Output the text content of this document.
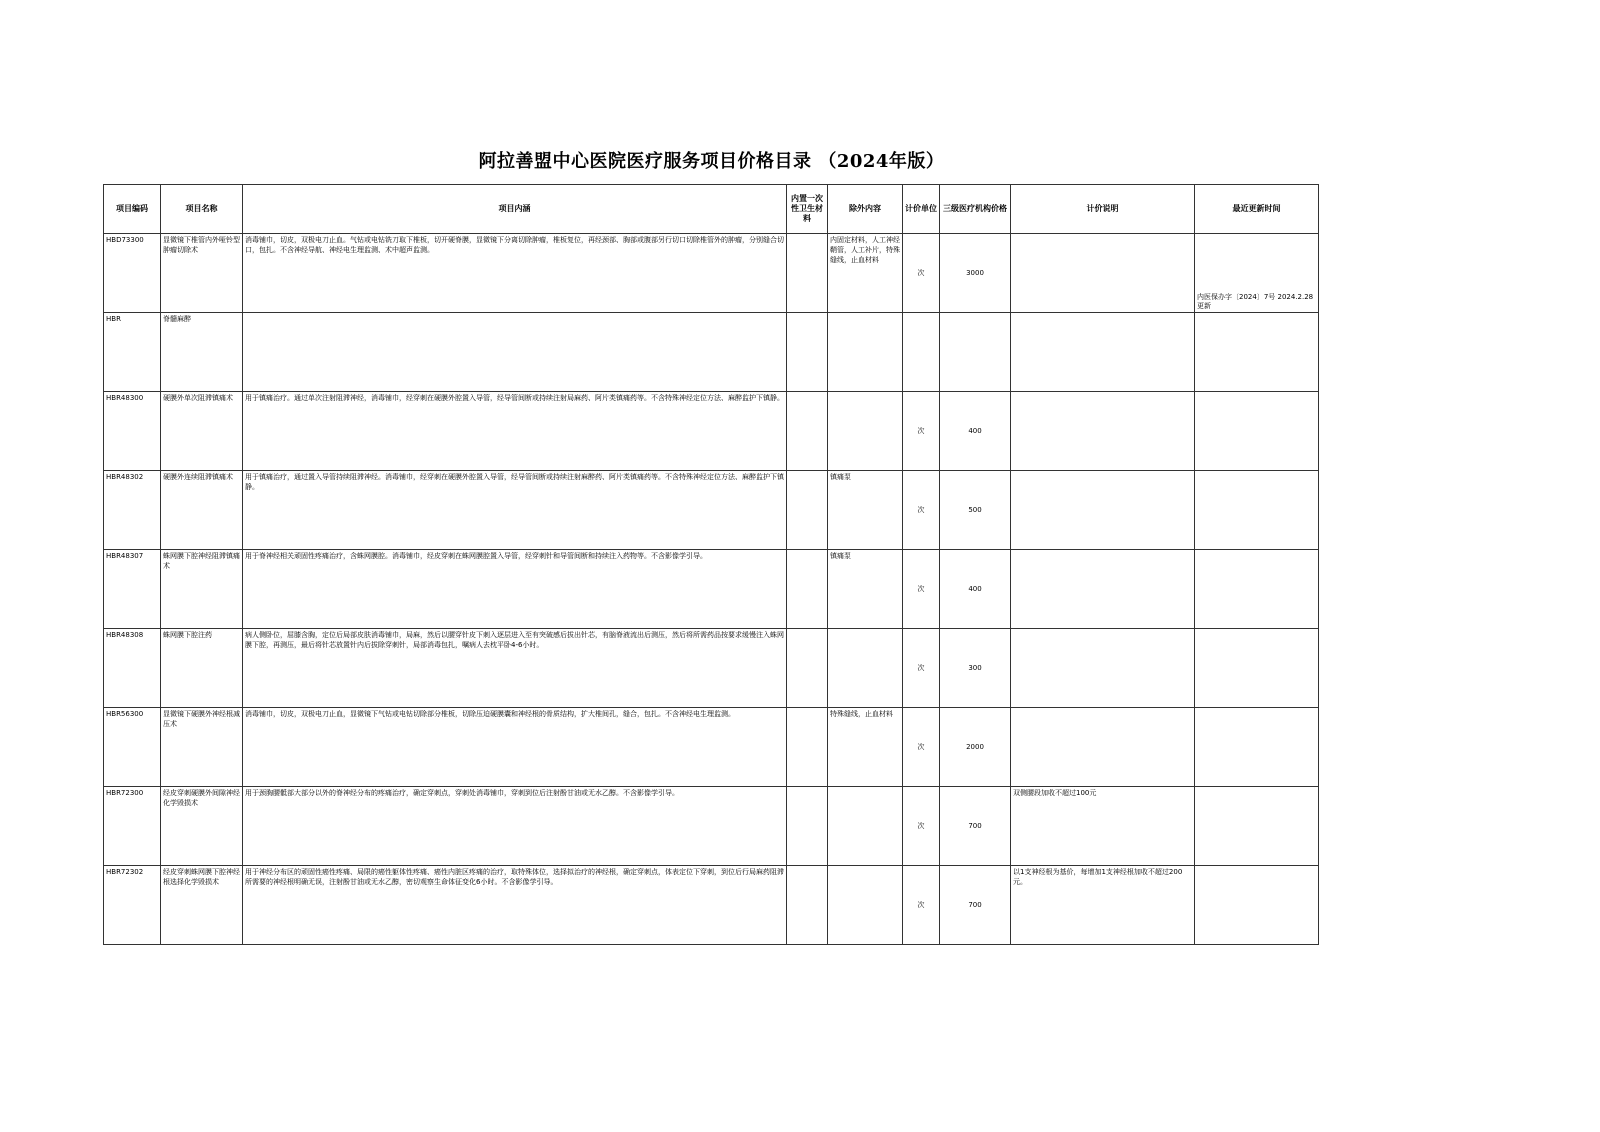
阿拉善盟中心医院医疗服务项目价格目录 （2024年版）
项目编码	项目名称	项目内涵	内置一次性卫生材料	除外内容	计价单位	三级医疗机构价格	计价说明	最近更新时间
HBD73300	显微镜下椎管内外哑铃型肿瘤切除术	消毒铺巾，切皮，双极电刀止血。气钻或电钻铣刀取下椎板，切开硬脊膜，显微镜下分离切除肿瘤，椎板复位，再经颈部、胸部或腹部另行切口切除椎管外的肿瘤，分别缝合切口，包扎。不含神经导航、神经电生理监测、术中超声监测。		内固定材料，人工神经鞘管，人工补片，特殊缝线，止血材料	次	3000		内医保办字〔2024〕7号 2024.2.28更新

HBR	脊髓麻醉							
HBR48300	硬膜外单次阻滞镇痛术	用于镇痛治疗。通过单次注射阻滞神经，消毒铺巾，经穿刺在硬膜外腔置入导管，经导管间断或持续注射局麻药、阿片类镇痛药等。不含特殊神经定位方法、麻醉监护下镇静。			次	400		
HBR48302	硬膜外连续阻滞镇痛术	用于镇痛治疗，通过置入导管持续阻滞神经。消毒铺巾，经穿刺在硬膜外腔置入导管，经导管间断或持续注射麻醉药、阿片类镇痛药等。不含特殊神经定位方法、麻醉监护下镇静。		镇痛泵	次	500		
HBR48307	蛛网膜下腔神经阻滞镇痛术	用于脊神经相关顽固性疼痛治疗，含蛛网膜腔。消毒铺巾，经皮穿刺在蛛网膜腔置入导管，经穿刺针和导管间断和持续注入药物等。不含影像学引导。		镇痛泵	次	400		
HBR48308	蛛网膜下腔注药	病人侧卧位，屈膝含胸，定位后局部皮肤消毒铺巾，局麻，然后以腰穿针皮下刺入逐层进入至有突破感后拔出针芯，有脑脊液流出后测压，然后将所需药品按要求缓慢注入蛛网膜下腔，再测压，最后将针芯放置针内后拔除穿刺针，局部消毒包扎，嘱病人去枕平卧4-6小时。			次	300		
HBR56300	显微镜下硬膜外神经根减压术	消毒铺巾，切皮，双极电刀止血，显微镜下气钻或电钻切除部分椎板，切除压迫硬膜囊和神经根的骨质结构，扩大椎间孔，缝合，包扎。不含神经电生理监测。		特殊缝线，止血材料	次	2000		
HBR72300	经皮穿刺硬膜外间隙神经化学毁损术	用于颈胸腰骶部大部分以外的脊神经分布的疼痛治疗，确定穿刺点，穿刺处消毒铺巾，穿刺到位后注射酚甘油或无水乙醇。不含影像学引导。			次	700	双侧腰段加收不超过100元	
HBR72302	经皮穿刺蛛网膜下腔神经根选择化学毁损术	用于神经分布区的顽固性癌性疼痛、局限的癌性躯体性疼痛、癌性内脏区疼痛的治疗，取特殊体位，选择拟治疗的神经根，确定穿刺点，体表定位下穿刺，到位后行局麻药阻滞所需要的神经根明确无误，注射酚甘油或无水乙醇，密切观察生命体征变化6小时。不含影像学引导。			次	700	以1支神经根为基价，每增加1支神经根加收不超过200元。	
